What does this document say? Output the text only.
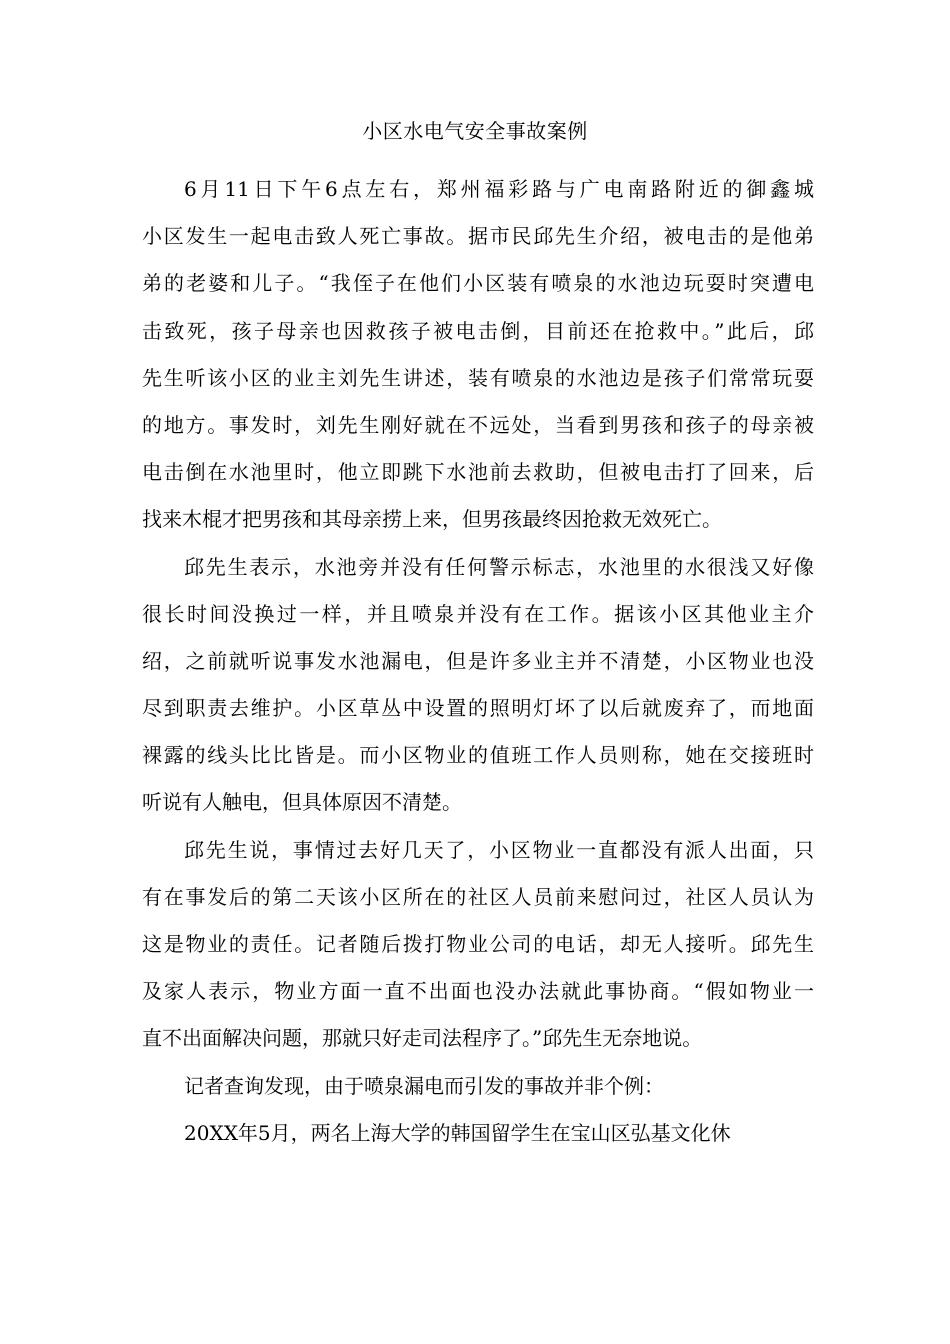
小区水电气安全事故案例

6月11日下午6点左右，郑州福彩路与广电南路附近的御鑫城
小区发生一起电击致人死亡事故。据市民邱先生介绍，被电击的是他弟
弟的老婆和儿子。“我侄子在他们小区装有喷泉的水池边玩耍时突遭电
击致死，孩子母亲也因救孩子被电击倒，目前还在抢救中。”此后，邱
先生听该小区的业主刘先生讲述，装有喷泉的水池边是孩子们常常玩耍
的地方。事发时，刘先生刚好就在不远处，当看到男孩和孩子的母亲被
电击倒在水池里时，他立即跳下水池前去救助，但被电击打了回来，后
找来木棍才把男孩和其母亲捞上来，但男孩最终因抢救无效死亡。

邱先生表示，水池旁并没有任何警示标志，水池里的水很浅又好像
很长时间没换过一样，并且喷泉并没有在工作。据该小区其他业主介
绍，之前就听说事发水池漏电，但是许多业主并不清楚，小区物业也没
尽到职责去维护。小区草丛中设置的照明灯坏了以后就废弃了，而地面
裸露的线头比比皆是。而小区物业的值班工作人员则称，她在交接班时
听说有人触电，但具体原因不清楚。

邱先生说，事情过去好几天了，小区物业一直都没有派人出面，只
有在事发后的第二天该小区所在的社区人员前来慰问过，社区人员认为
这是物业的责任。记者随后拨打物业公司的电话，却无人接听。邱先生
及家人表示，物业方面一直不出面也没办法就此事协商。“假如物业一
直不出面解决问题，那就只好走司法程序了。”邱先生无奈地说。

记者查询发现，由于喷泉漏电而引发的事故并非个例：

20XX年5月，两名上海大学的韩国留学生在宝山区弘基文化休
